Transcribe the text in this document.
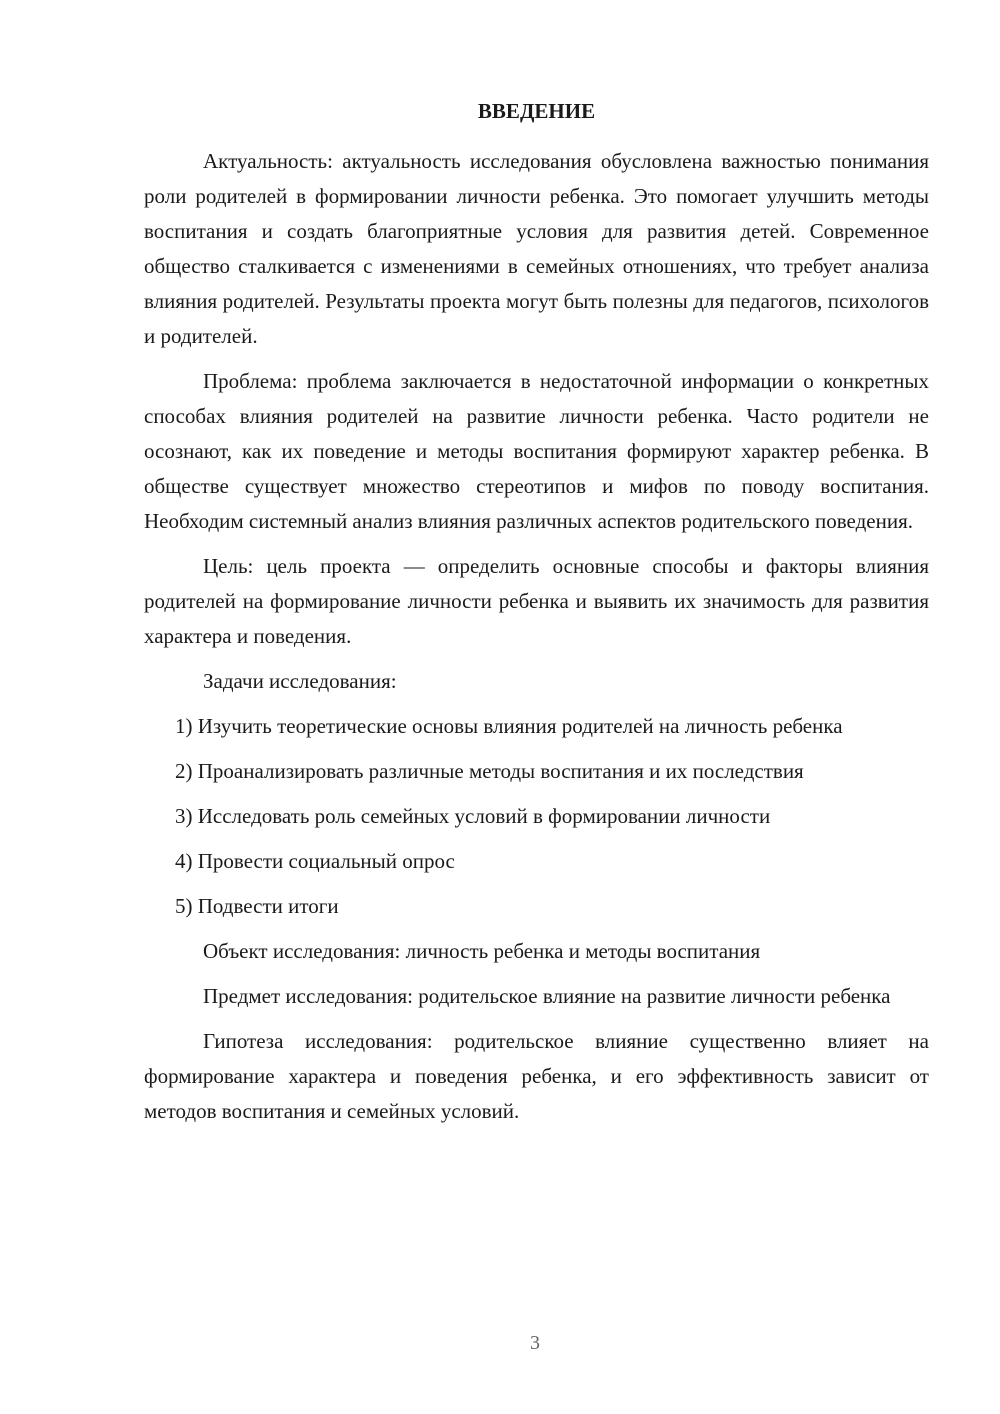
ВВЕДЕНИЕ

Актуальность: актуальность исследования обусловлена важностью понимания роли родителей в формировании личности ребенка. Это помогает улучшить методы воспитания и создать благоприятные условия для развития детей. Современное общество сталкивается с изменениями в семейных отношениях, что требует анализа влияния родителей. Результаты проекта могут быть полезны для педагогов, психологов и родителей.

Проблема: проблема заключается в недостаточной информации о конкретных способах влияния родителей на развитие личности ребенка. Часто родители не осознают, как их поведение и методы воспитания формируют характер ребенка. В обществе существует множество стереотипов и мифов по поводу воспитания. Необходим системный анализ влияния различных аспектов родительского поведения.

Цель: цель проекта — определить основные способы и факторы влияния родителей на формирование личности ребенка и выявить их значимость для развития характера и поведения.

Задачи исследования:

1) Изучить теоретические основы влияния родителей на личность ребенка

2) Проанализировать различные методы воспитания и их последствия

3) Исследовать роль семейных условий в формировании личности

4) Провести социальный опрос

5) Подвести итоги

Объект исследования: личность ребенка и методы воспитания

Предмет исследования: родительское влияние на развитие личности ребенка

Гипотеза исследования: родительское влияние существенно влияет на формирование характера и поведения ребенка, и его эффективность зависит от методов воспитания и семейных условий.

3
